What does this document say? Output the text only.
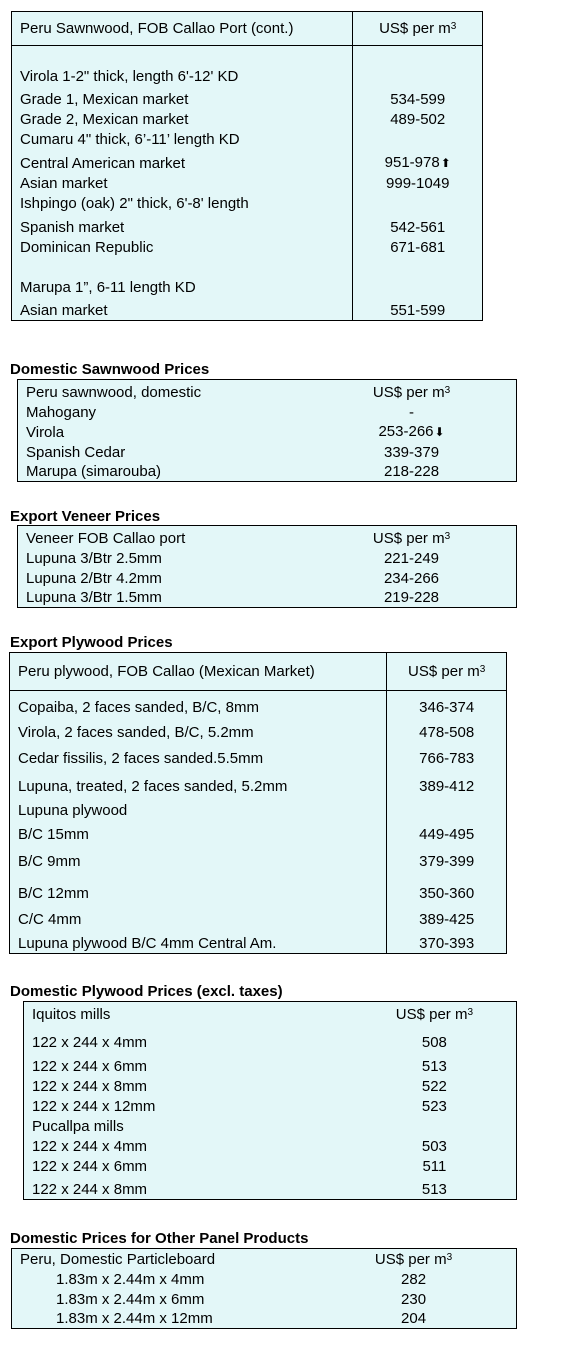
Peru Sawnwood, FOB Callao Port (cont.)	US$ per $m^3$

Virola 1-2" thick, length 6'-12' KD	
Grade 1, Mexican market	534-599
Grade 2, Mexican market	489-502
Cumaru 4" thick, 6’-11’ length KD	
Central American market	951-978⬆
Asian market	999-1049
Ishpingo (oak) 2" thick, 6'-8' length	
Spanish market	542-561
Dominican Republic	671-681

Marupa 1”, 6-11 length KD	
Asian market	551-599
Domestic Sawnwood Prices
Peru sawnwood, domestic	US$ per $m^3$
Mahogany	-
Virola	253-266⬇
Spanish Cedar	339-379
Marupa (simarouba)	218-228
Export Veneer Prices
Veneer FOB Callao port	US$ per $m^3$
Lupuna 3/Btr 2.5mm	221-249
Lupuna 2/Btr 4.2mm	234-266
Lupuna 3/Btr 1.5mm	219-228
Export Plywood Prices
Peru plywood, FOB Callao (Mexican Market)	US$ per $m^3$
Copaiba, 2 faces sanded, B/C, 8mm	346-374
Virola, 2 faces sanded, B/C, 5.2mm	478-508
Cedar fissilis, 2 faces sanded.5.5mm	766-783
Lupuna, treated, 2 faces sanded, 5.2mm	389-412
Lupuna plywood	
B/C 15mm	449-495
B/C 9mm	379-399
B/C 12mm	350-360
C/C 4mm	389-425
Lupuna plywood B/C 4mm Central Am.	370-393
Domestic Plywood Prices (excl. taxes)
Iquitos mills	US$ per $m^3$
122 x 244 x 4mm	508
122 x 244 x 6mm	513
122 x 244 x 8mm	522
122 x 244 x 12mm	523
Pucallpa mills	
122 x 244 x 4mm	503
122 x 244 x 6mm	511
122 x 244 x 8mm	513
Domestic Prices for Other Panel Products
Peru, Domestic Particleboard	US$ per $m^3$
1.83m x 2.44m x 4mm	282
1.83m x 2.44m x 6mm	230
1.83m x 2.44m x 12mm	204
